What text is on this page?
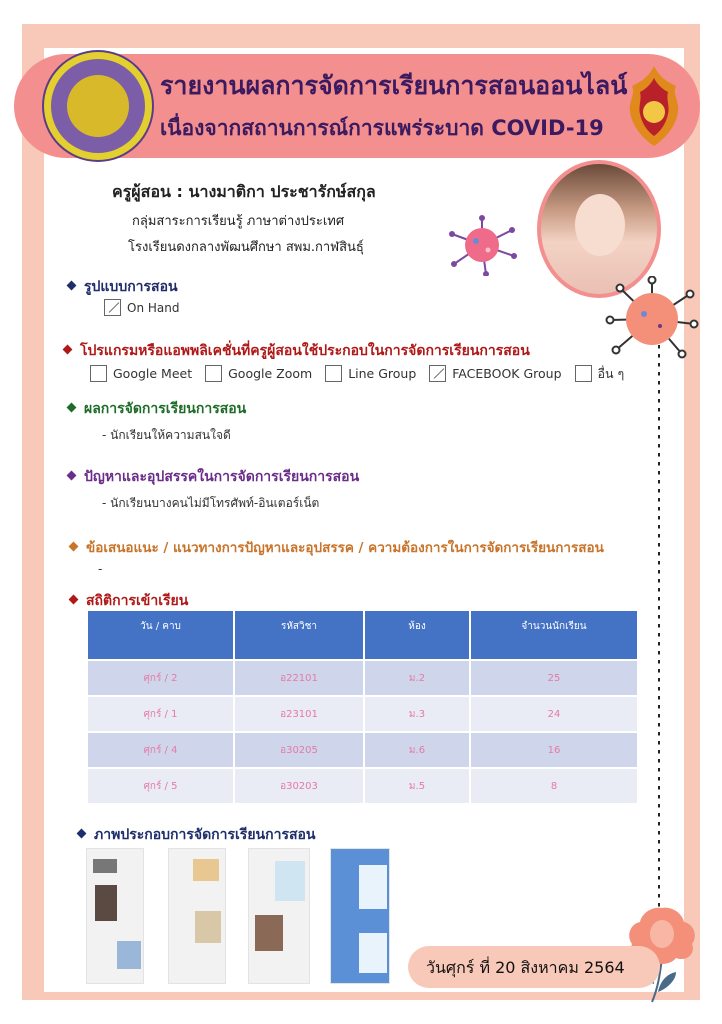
รายงานผลการจัดการเรียนการสอนออนไลน์
เนื่องจากสถานการณ์การแพร่ระบาด COVID-19
ครูผู้สอน : นางมาติกา ประชารักษ์สกุล
กลุ่มสาระการเรียนรู้ ภาษาต่างประเทศ
โรงเรียนดงกลางพัฒนศึกษา สพม.กาฬสินธุ์
รูปแบบการสอน
On Hand
โปรแกรมหรือแอพพลิเคชั่นที่ครูผู้สอนใช้ประกอบในการจัดการเรียนการสอน
Google Meet	Google Zoom	Line Group	FACEBOOK Group	อื่น ๆ
ผลการจัดการเรียนการสอน
- นักเรียนให้ความสนใจดี
ปัญหาและอุปสรรคในการจัดการเรียนการสอน
- นักเรียนบางคนไม่มีโทรศัพท์-อินเตอร์เน็ต
ข้อเสนอแนะ / แนวทางการปัญหาและอุปสรรค / ความต้องการในการจัดการเรียนการสอน
-
สถิติการเข้าเรียน
วัน / คาบ	รหัสวิชา	ห้อง	จำนวนนักเรียน
ศุกร์ / 2	อ22101	ม.2	25
ศุกร์ / 1	อ23101	ม.3	24
ศุกร์ / 4	อ30205	ม.6	16
ศุกร์ / 5	อ30203	ม.5	8
ภาพประกอบการจัดการเรียนการสอน
วันศุกร์ ที่ 20 สิงหาคม 2564
